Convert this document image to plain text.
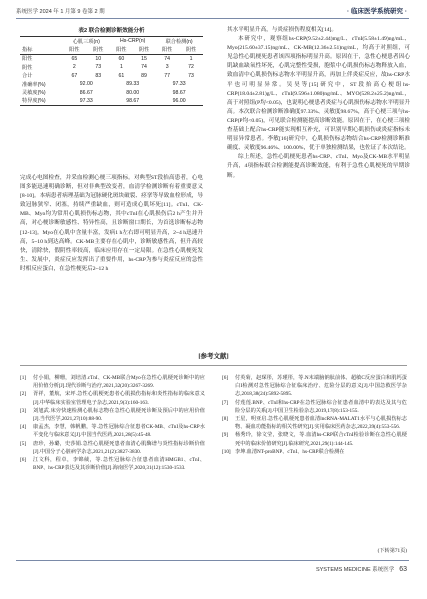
系统医学 2024 年 1 月第 9 卷第 2 期	· 临床医学系统研究 ·
表2 联合检测诊断效能分析
	心肌三项(n)		Hs-CRP(n)		联合检测(n)	
指标	阳性	阴性	阳性	阴性	阳性	阴性
阳性	65	10	60	15	74	1
阴性	2	73	1	74	3	72
合计	67	83	61	89	77	73
准确率(%)	92.00		89.33		97.33	
灵敏度(%)	86.67		80.00		98.67	
特异度(%)	97.33		98.67		96.00	

完成心电图检查，并采血检测心梗三项指标。对典型ST段抬高患者，心电图多能迅速明确诊断，但对非典型改变者，血清学检测诊断有着重要意义[8-10]。本病患者病理基础为冠脉硬化斑块破裂、痉挛等导致血栓形成，导致冠脉狭窄、闭塞，持续严重缺血，则可造成心肌坏死[11]。cTnI、CK-MB、Myo均为常用心肌损伤标志物，其中cTnI在心肌损伤后2 h产生并升高，对心梗诊断敏感性、特异性高，且诊断窗口期长，为首选诊断标志物[12-13]。Myo在心肌中含量丰富，发病1 h左右即可明显升高，2~4 h迅速升高，5~10 h到达高峰。CK-MB主要存在心肌中，诊断敏感性高，但升高较快，清除快，假阴性率较高，临床应用存在一定局限。在急性心肌梗死发生、发展中，炎症反应发挥出了重要作用，hs-CRP为参与炎症反应的急性时相反应蛋白，在急性梗死后2~12 h

其水平明显升高，与炎症损伤程度相关[14]。

本研究中，观察组hs-CRP(9.52±2.44)mg/L、cTnI(5.58±1.49)ng/mL、Myo(215.60±37.15)ng/mL、CK-MB(12.36±2.51)ng/mL，均高于对照组，可见急性心肌梗死患者该四项指标明显升高。原因在于，急性心梗患者因心肌缺血缺氧性坏死，心肌完整性受损，胞浆中心肌损伤标志物释放入血，致血清中心肌损伤标志物水平明显升高，再加上伴炎症反应，故hs-CRP水平也可明显异常。吴昊等[15]研究中，ST段抬高心梗组hs-CRP(18.04±2.81)g/L、cTnI(9.596±1.080)ng/mL、MYO(528.2±25.2)ng/mL，高于对照组(P均<0.05)，也说明心梗患者炎症与心肌损伤标志物水平明显升高。本次联合检测诊断准确度97.33%、灵敏度98.67%，高于心梗三项与hs-CRP(P均<0.05)，可见联合检测能提高诊断效能。原因在于，在心梗三项检查基础上配合hs-CRP能实现相互补充，可识别早期心肌损伤或炎症指标未明显异常患者。李敏[16]研究中，心肌损伤标志物结合hs-CRP检测诊断准确度、灵敏度96.46%、100.00%，优于单独检测结果，也佐证了本次结论。

综上所述，急性心肌梗死患者hs-CRP、cTnI、Myo及CK-MB水平明显升高，4项指标联合检测能提高诊断效能，有利于急性心肌梗死的早期诊断。

[参考文献]
[1]	付小娟，柳珊，刘培清.cTnI、CK-MB联合Myo在急性心肌梗死诊断中的应用价值分析[J].现代诊断与治疗,2021,32(20):3267-3269.
[2]	胥祥，董航，宋坪.急性心肌梗死患者心肌损伤指标和炎性指标的临床意义[J].中华临床实验室管理电子杂志,2021,9(3):160-163.
[3]	刘旭武.床旁快速检测心肌标志物在急性心肌梗死诊断及预后中的应用价值[J].当代医学,2021,27(10):88-90.
[4]	康孟杰，李慧，韩帆鹏，等.急性冠脉综合征患者CK-MB、cTnI及hs-CRP水平变化与临床意义[J].中国当代医药,2021,28(5):45-48.
[5]	唐珍，孙璐，史莎娟.急性心肌梗死患者血清心肌酶谱与炎性指标诊断价值[J].中国分子心脏病学杂志,2021,21(2):3827-3830.
[6]	江文科，程卓，李锦葳，等.急性冠脉综合征患者血清HMGB1、cTnI、BNP、hs-CRP表达及其诊断价值[J].海南医学,2020,31(12):1530-1533.
[6]	付英菊，赵琛彤，苏瑾彤，等.N末端脑钠肽前体、超敏C反应蛋白和肌钙蛋白I检测对急性冠脉综合征临床治疗、危险分层的意义[J].中国急救医学杂志,2018,38(24):5892-5895.
[7]	付莲莲.BNP、cTnI和hs-CRP在急性冠脉综合征患者血清中的表达及其与危险分层的关系[J].中国卫生检验杂志,2019,17(8):153-155.
[8]	王星，明亚启.急性心肌梗死患者血清lncRNA-MALAT1水平与心肌损伤标志物、凝血功能指标的相关性研究[J].实用临床医药杂志,2022,39(4):553-556.
[9]	杨秀玲，徐文莹，张晓文，等.血清hs-CRP联合cTnI检验诊断在急性心肌梗死中的临床价值研究[J].临床研究,2021,29(1):144-145.
[10] 李坤.血清NT-proBNP、cTnI、hs-CRP联合检测在
(下转第71页)
SYSTEMS MEDICINE 系统医学 63
